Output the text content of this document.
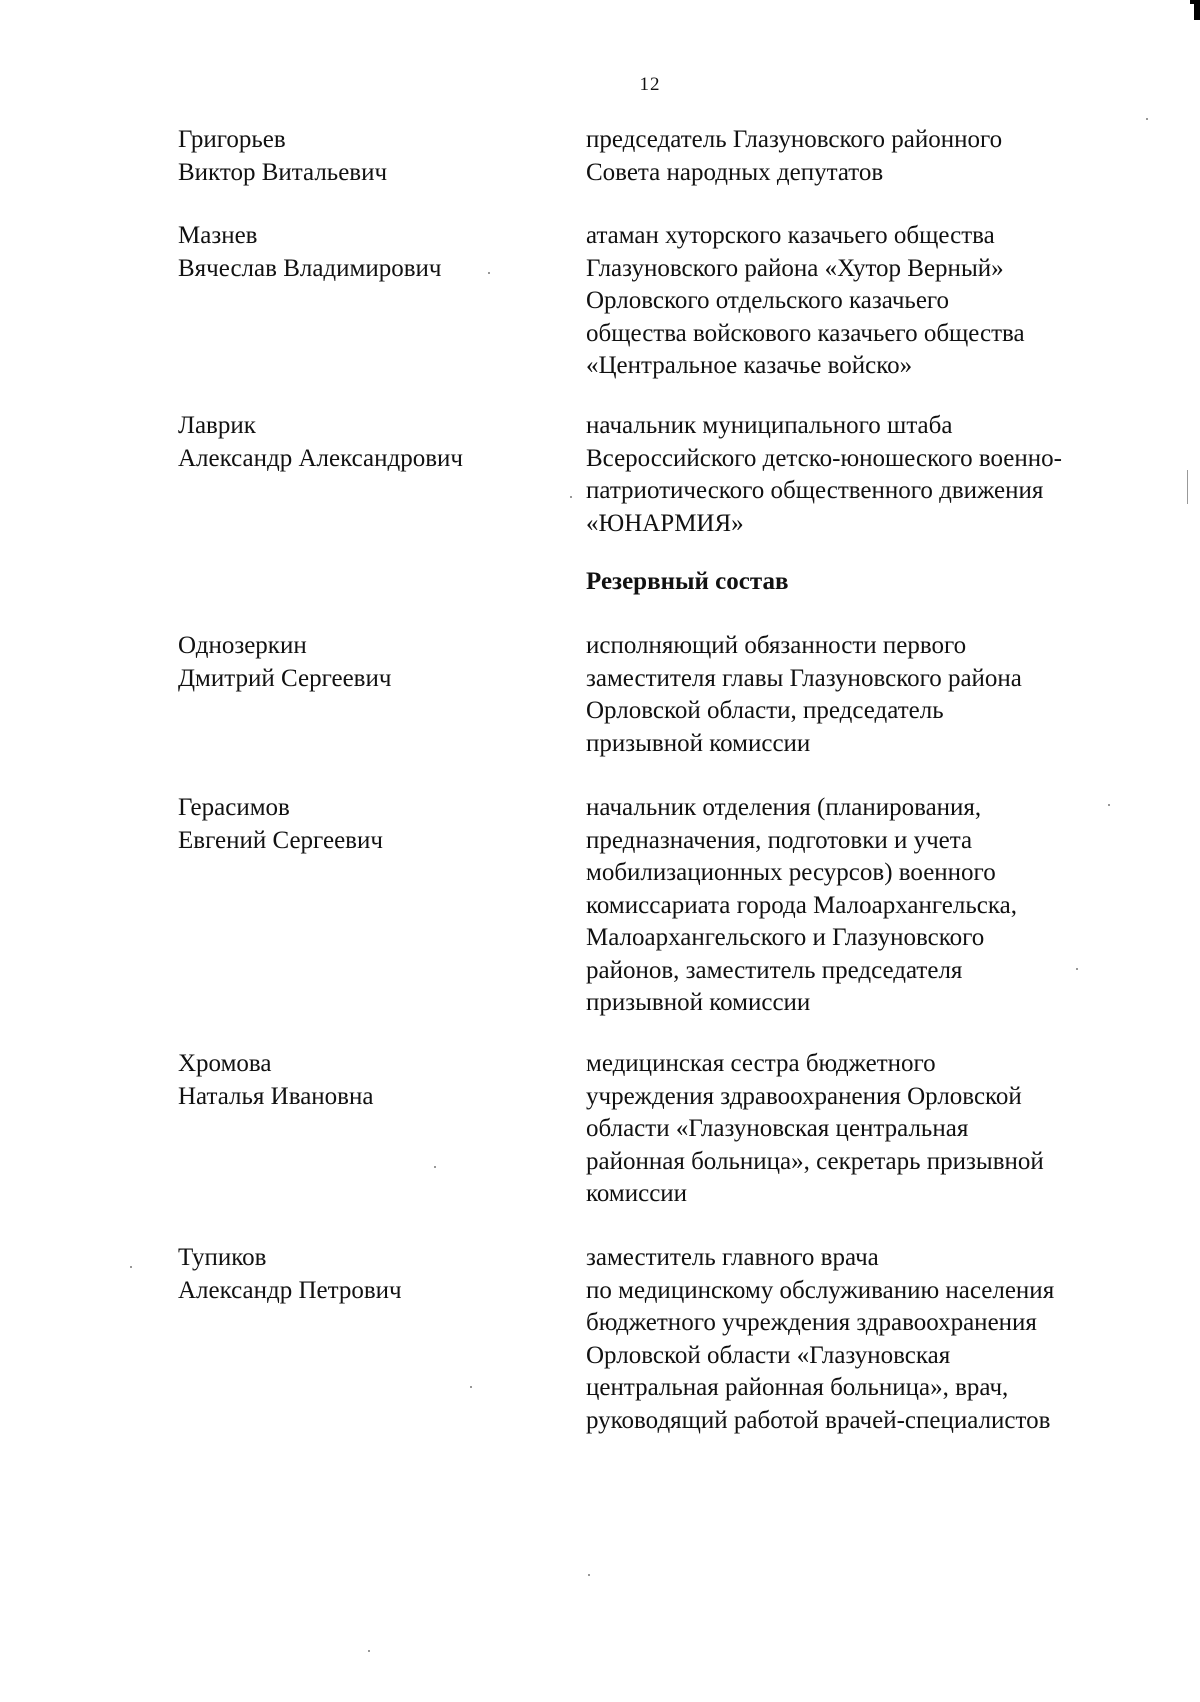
12
Григорьев
Виктор Витальевич
председатель Глазуновского районного
Совета народных депутатов
Мазнев
Вячеслав Владимирович
атаман хуторского казачьего общества
Глазуновского района «Хутор Верный»
Орловского отдельского казачьего
общества войскового казачьего общества
«Центральное казачье войско»
Лаврик
Александр Александрович
начальник муниципального штаба
Всероссийского детско-юношеского военно-
патриотического общественного движения
«ЮНАРМИЯ»
Резервный состав
Однозеркин
Дмитрий Сергеевич
исполняющий обязанности первого
заместителя главы Глазуновского района
Орловской области, председатель
призывной комиссии
Герасимов
Евгений Сергеевич
начальник отделения (планирования,
предназначения, подготовки и учета
мобилизационных ресурсов) военного
комиссариата города Малоархангельска,
Малоархангельского и Глазуновского
районов, заместитель председателя
призывной комиссии
Хромова
Наталья Ивановна
медицинская сестра бюджетного
учреждения здравоохранения Орловской
области «Глазуновская центральная
районная больница», секретарь призывной
комиссии
Тупиков
Александр Петрович
заместитель главного врача
по медицинскому обслуживанию населения
бюджетного учреждения здравоохранения
Орловской области «Глазуновская
центральная районная больница», врач,
руководящий работой врачей-специалистов
